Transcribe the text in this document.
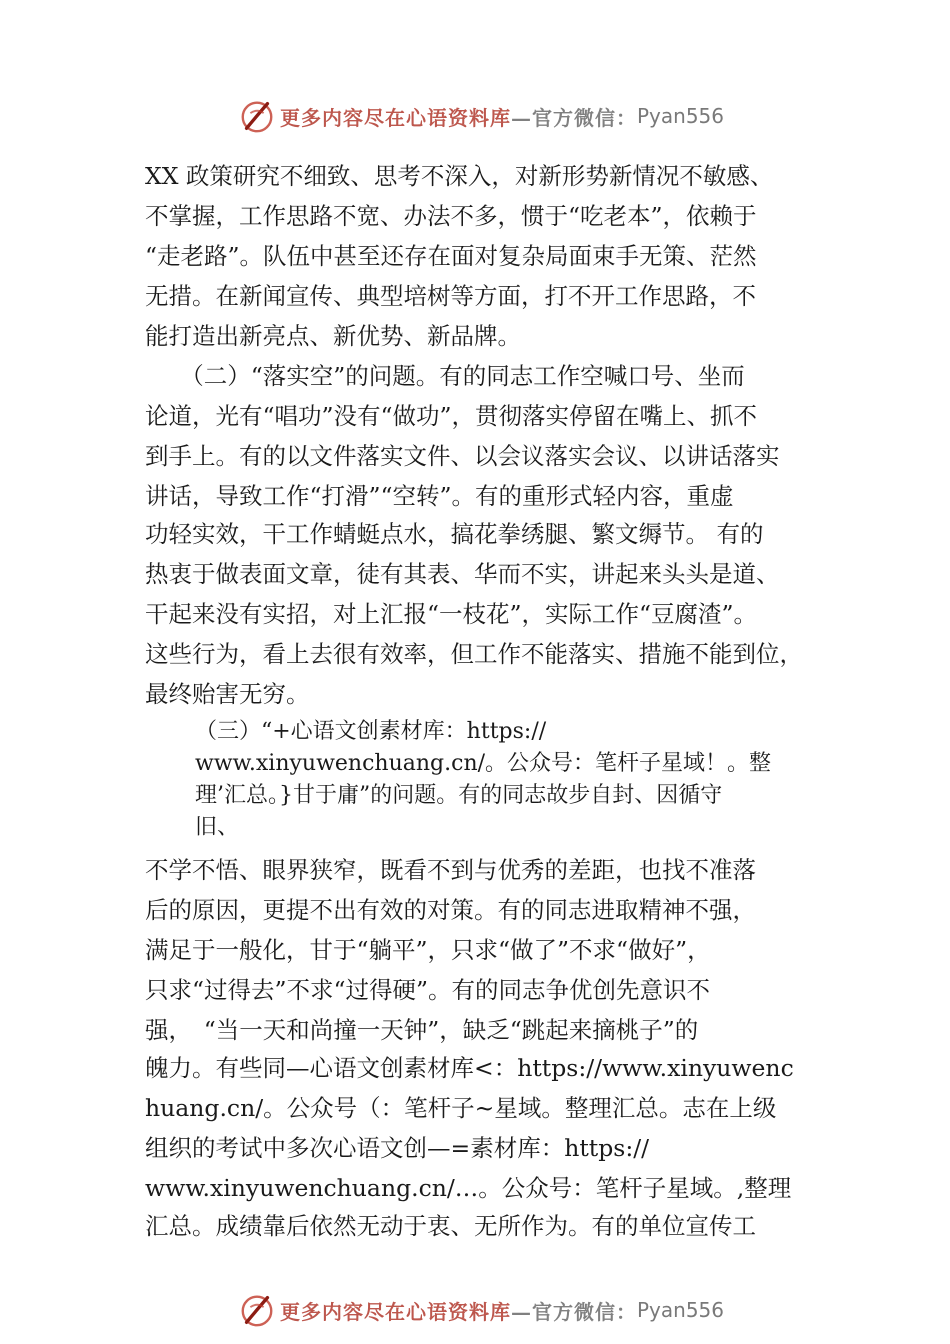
更多内容尽在心语资料库 —官方微信： Pyan556

XX 政策研究不细致、思考不深入，对新形势新情况不敏感、

不掌握，工作思路不宽、办法不多，惯于“吃老本”，依赖于

“走老路”。队伍中甚至还存在面对复杂局面束手无策、茫然

无措。在新闻宣传、典型培树等方面，打不开工作思路，不

能打造出新亮点、新优势、新品牌。

　　（二）“落实空”的问题。有的同志工作空喊口号、坐而

论道，光有“唱功”没有“做功”，贯彻落实停留在嘴上、抓不

到手上。有的以文件落实文件、以会议落实会议、以讲话落实

讲话，导致工作“打滑”“空转”。有的重形式轻内容，重虚

功轻实效，干工作蜻蜓点水，搞花拳绣腿、繁文缛节。 有的

热衷于做表面文章，徒有其表、华而不实，讲起来头头是道、

干起来没有实招，对上汇报“一枝花”，实际工作“豆腐渣”。

这些行为，看上去很有效率，但工作不能落实、措施不能到位，

最终贻害无穷。

（三）“+心语文创素材库：https://

www.xinyuwenchuang.cn/。公众号：笔杆子星域！。整

理’汇总。}甘于庸”的问题。有的同志故步自封、因循守

旧、

不学不悟、眼界狭窄，既看不到与优秀的差距，也找不准落

后的原因，更提不出有效的对策。有的同志进取精神不强，

满足于一般化，甘于“躺平”，只求“做了”不求“做好”，

只求“过得去”不求“过得硬”。有的同志争优创先意识不

强，　“当一天和尚撞一天钟”，缺乏“跳起来摘桃子”的

魄力。有些同—心语文创素材库<：https://www.xinyuwenc

huang.cn/。公众号（：笔杆子~星域。整理汇总。志在上级

组织的考试中多次心语文创—=素材库：https://

www.xinyuwenchuang.cn/…。公众号：笔杆子星域。,整理

汇总。成绩靠后依然无动于衷、无所作为。有的单位宣传工

更多内容尽在心语资料库 —官方微信： Pyan556
